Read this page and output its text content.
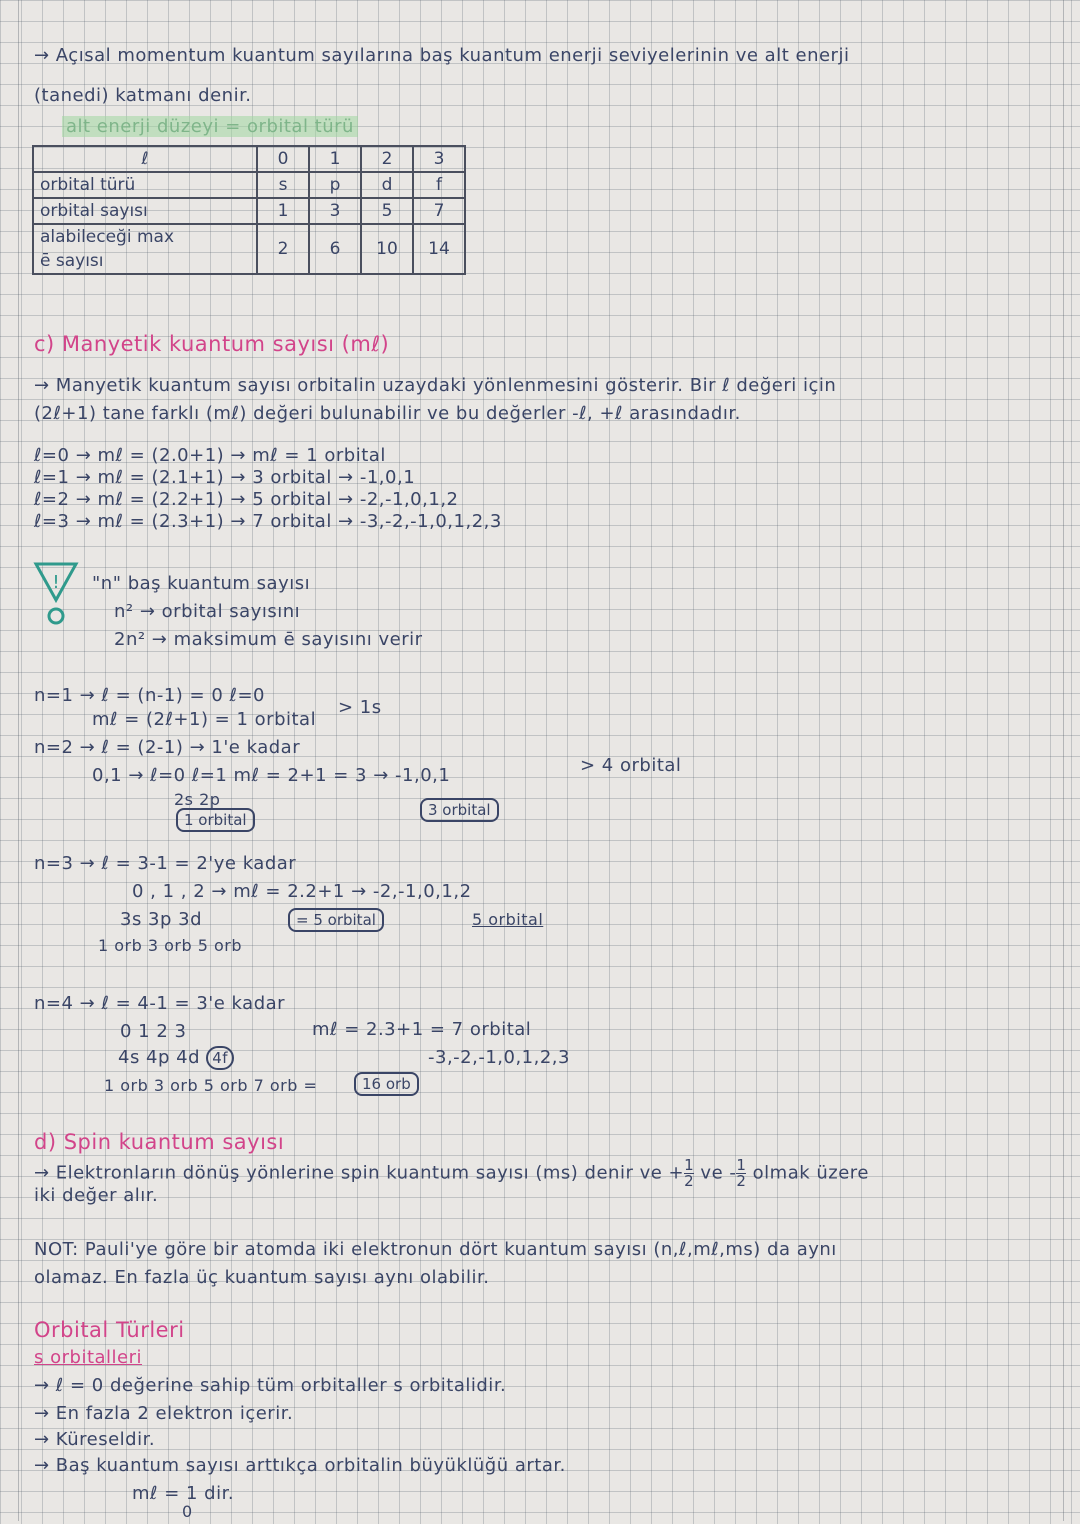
→ Açısal momentum kuantum sayılarına baş kuantum enerji seviyelerinin ve alt enerji
(tanedi) katmanı denir.
alt enerji düzeyi = orbital türü
ℓ	0	1	2	3
orbital türü	s	p	d	f
orbital sayısı	1	3	5	7
alabileceği max	2	6	10	14
ē sayısı				
c) Manyetik kuantum sayısı (mℓ)
→ Manyetik kuantum sayısı orbitalin uzaydaki yönlenmesini gösterir. Bir ℓ değeri için
(2ℓ+1) tane farklı (mℓ) değeri bulunabilir ve bu değerler -ℓ, +ℓ arasındadır.
ℓ=0 → mℓ = (2.0+1) → mℓ = 1 orbital
ℓ=1 → mℓ = (2.1+1) → 3 orbital → -1,0,1
ℓ=2 → mℓ = (2.2+1) → 5 orbital → -2,-1,0,1,2
ℓ=3 → mℓ = (2.3+1) → 7 orbital → -3,-2,-1,0,1,2,3
! "n" baş kuantum sayısı
n² → orbital sayısını
2n² → maksimum ē sayısını verir
n=1 → ℓ = (n-1) = 0 ℓ=0
mℓ = (2ℓ+1) = 1 orbital
> 1s
n=2 → ℓ = (2-1) → 1'e kadar
> 4 orbital
0,1 → ℓ=0 ℓ=1 mℓ = 2+1 = 3 → -1,0,1
2s 2p
1 orbital
3 orbital
n=3 → ℓ = 3-1 = 2'ye kadar
0 , 1 , 2 → mℓ = 2.2+1 → -2,-1,0,1,2
3s 3p 3d	= 5 orbital	5 orbital
1 orb 3 orb 5 orb
n=4 → ℓ = 4-1 = 3'e kadar
0 1 2 3	mℓ = 2.3+1 = 7 orbital
4s 4p 4d 4f	-3,-2,-1,0,1,2,3
1 orb 3 orb 5 orb 7 orb =	16 orb
d) Spin kuantum sayısı
→ Elektronların dönüş yönlerine spin kuantum sayısı (ms) denir ve + $\frac{1}{2}$ ve - $\frac{1}{2}$ olmak üzere
iki değer alır.
NOT: Pauli'ye göre bir atomda iki elektronun dört kuantum sayısı (n,ℓ,mℓ,ms) da aynı
olamaz. En fazla üç kuantum sayısı aynı olabilir.
Orbital Türleri
s orbitalleri
→ ℓ = 0 değerine sahip tüm orbitaller s orbitalidir.
→ En fazla 2 elektron içerir.
→ Küreseldir.
→ Baş kuantum sayısı arttıkça orbitalin büyüklüğü artar.
mℓ = 1 dir.
0
